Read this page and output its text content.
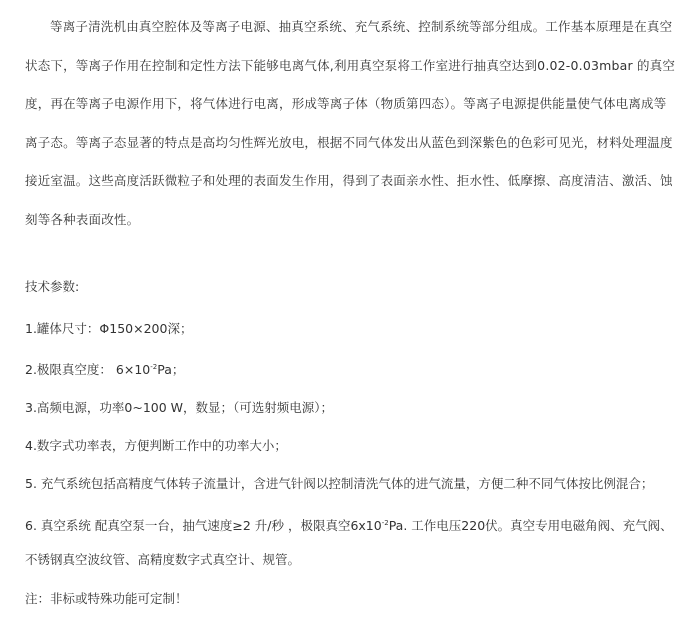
等离子清洗机由真空腔体及等离子电源、抽真空系统、充气系统、控制系统等部分组成。工作基本原理是在真空状态下，等离子作用在控制和定性方法下能够电离气体,利用真空泵将工作室进行抽真空达到0.02-0.03mbar 的真空度，再在等离子电源作用下，将气体进行电离，形成等离子体（物质第四态）。等离子电源提供能量使气体电离成等离子态。等离子态显著的特点是高均匀性辉光放电，根据不同气体发出从蓝色到深紫色的色彩可见光，材料处理温度接近室温。这些高度活跃微粒子和处理的表面发生作用，得到了表面亲水性、拒水性、低摩擦、高度清洁、激活、蚀刻等各种表面改性。

技术参数:

1.罐体尺寸：Φ150×200深；

2.极限真空度： $6\times 10^{-2}Pa$；

3.高频电源，功率0~100 W，数显；（可选射频电源）；

4.数字式功率表，方便判断工作中的功率大小；

5. 充气系统包括高精度气体转子流量计，含进气针阀以控制清洗气体的进气流量，方便二种不同气体按比例混合；

6. 真空系统 配真空泵一台，抽气速度≥2 升/秒 ，极限真空$6x10^{-2}Pa$. 工作电压220伏。真空专用电磁角阀、充气阀、不锈钢真空波纹管、高精度数字式真空计、规管。

注：非标或特殊功能可定制！
